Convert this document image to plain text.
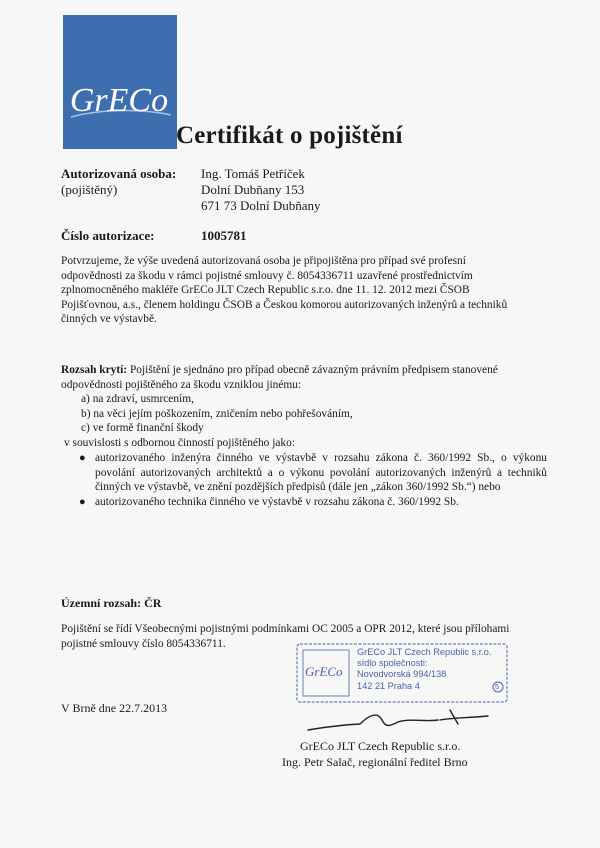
GrECo
Certifikát o pojištění
Autorizovaná osoba:
(pojištěný)
Ing. Tomáš Petříček
Dolní Dubňany 153
671 73 Dolní Dubňany
Číslo autorizace:	1005781
Potvrzujeme, že výše uvedená autorizovaná osoba je připojištěna pro případ své profesní
odpovědnosti za škodu v rámci pojistné smlouvy č. 8054336711 uzavřené prostřednictvím
zplnomocněného makléře GrECo JLT Czech Republic s.r.o. dne 11. 12. 2012 mezi ČSOB
Pojišťovnou, a.s., členem holdingu ČSOB a Českou komorou autorizovaných inženýrů a techniků
činných ve výstavbě.
Rozsah krytí: Pojištění je sjednáno pro případ obecně závazným právním předpisem stanovené
odpovědnosti pojištěného za škodu vzniklou jinému:
a) na zdraví, usmrcením,
b) na věci jejím poškozením, zničením nebo pohřešováním,
c) ve formě finanční škody
v souvislosti s odbornou činností pojištěného jako:
● autorizovaného inženýra činného ve výstavbě v rozsahu zákona č. 360/1992 Sb., o výkonu
povolání autorizovaných architektů a o výkonu povolání autorizovaných inženýrů a techniků
činných ve výstavbě, ve znění pozdějších předpisů (dále jen „zákon 360/1992 Sb.“) nebo
● autorizovaného technika činného ve výstavbě v rozsahu zákona č. 360/1992 Sb.
Územní rozsah: ČR
Pojištění se řídí Všeobecnými pojistnými podmínkami OC 2005 a OPR 2012, které jsou přílohami
pojistné smlouvy číslo 8054336711.
GrECo
GrECo JLT Czech Republic s.r.o.
sídlo společnosti:
Novodvorská 994/138
142 21 Praha 4	5
V Brně dne 22.7.2013
GrECo JLT Czech Republic s.r.o.
Ing. Petr Salač, regionální ředitel Brno
